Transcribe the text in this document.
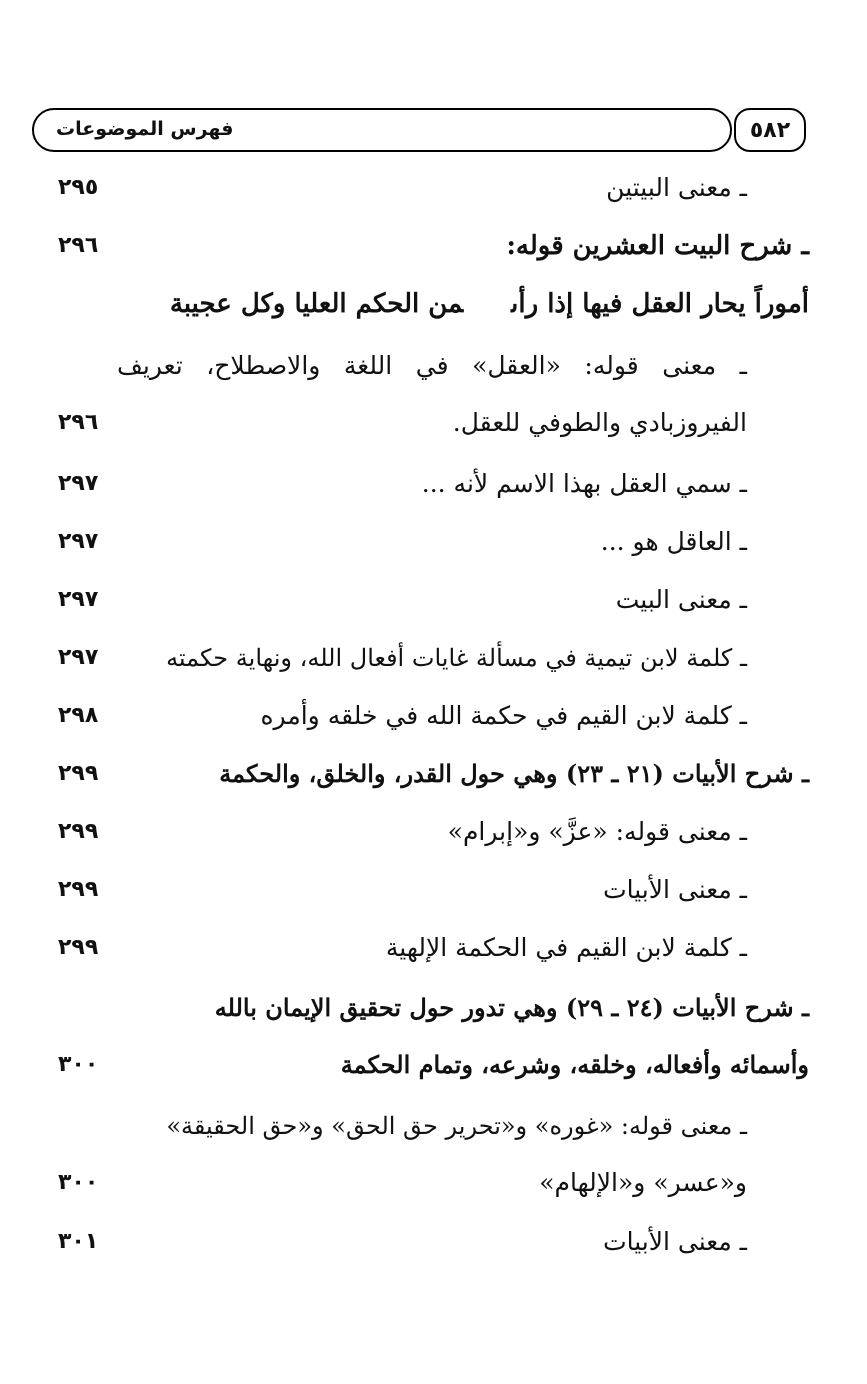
فهرس الموضوعات	٥٨٢
ـ معنى البيتين
٢٩٥
ـ شرح البيت العشرين قوله:
٢٩٦
أموراً يحار العقل فيها إذا رأىمن الحكم العليا وكل عجيبة
ـ معنى قوله: «العقل» في اللغة والاصطلاح، تعريف
الفيروزبادي والطوفي للعقل.
٢٩٦
ـ سمي العقل بهذا الاسم لأنه ...
٢٩٧
ـ العاقل هو ...
٢٩٧
ـ معنى البيت
٢٩٧
ـ كلمة لابن تيمية في مسألة غايات أفعال الله، ونهاية حكمته
٢٩٧
ـ كلمة لابن القيم في حكمة الله في خلقه وأمره
٢٩٨
ـ شرح الأبيات (٢١ ـ ٢٣) وهي حول القدر، والخلق، والحكمة
٢٩٩
ـ معنى قوله: «عزَّ» و«إبرام»
٢٩٩
ـ معنى الأبيات
٢٩٩
ـ كلمة لابن القيم في الحكمة الإلهية
٢٩٩
ـ شرح الأبيات (٢٤ ـ ٢٩) وهي تدور حول تحقيق الإيمان بالله
وأسمائه وأفعاله، وخلقه، وشرعه، وتمام الحكمة
٣٠٠
ـ معنى قوله: «غوره» و«تحرير حق الحق» و«حق الحقيقة»
و«عسر» و«الإلهام»
٣٠٠
ـ معنى الأبيات
٣٠١
